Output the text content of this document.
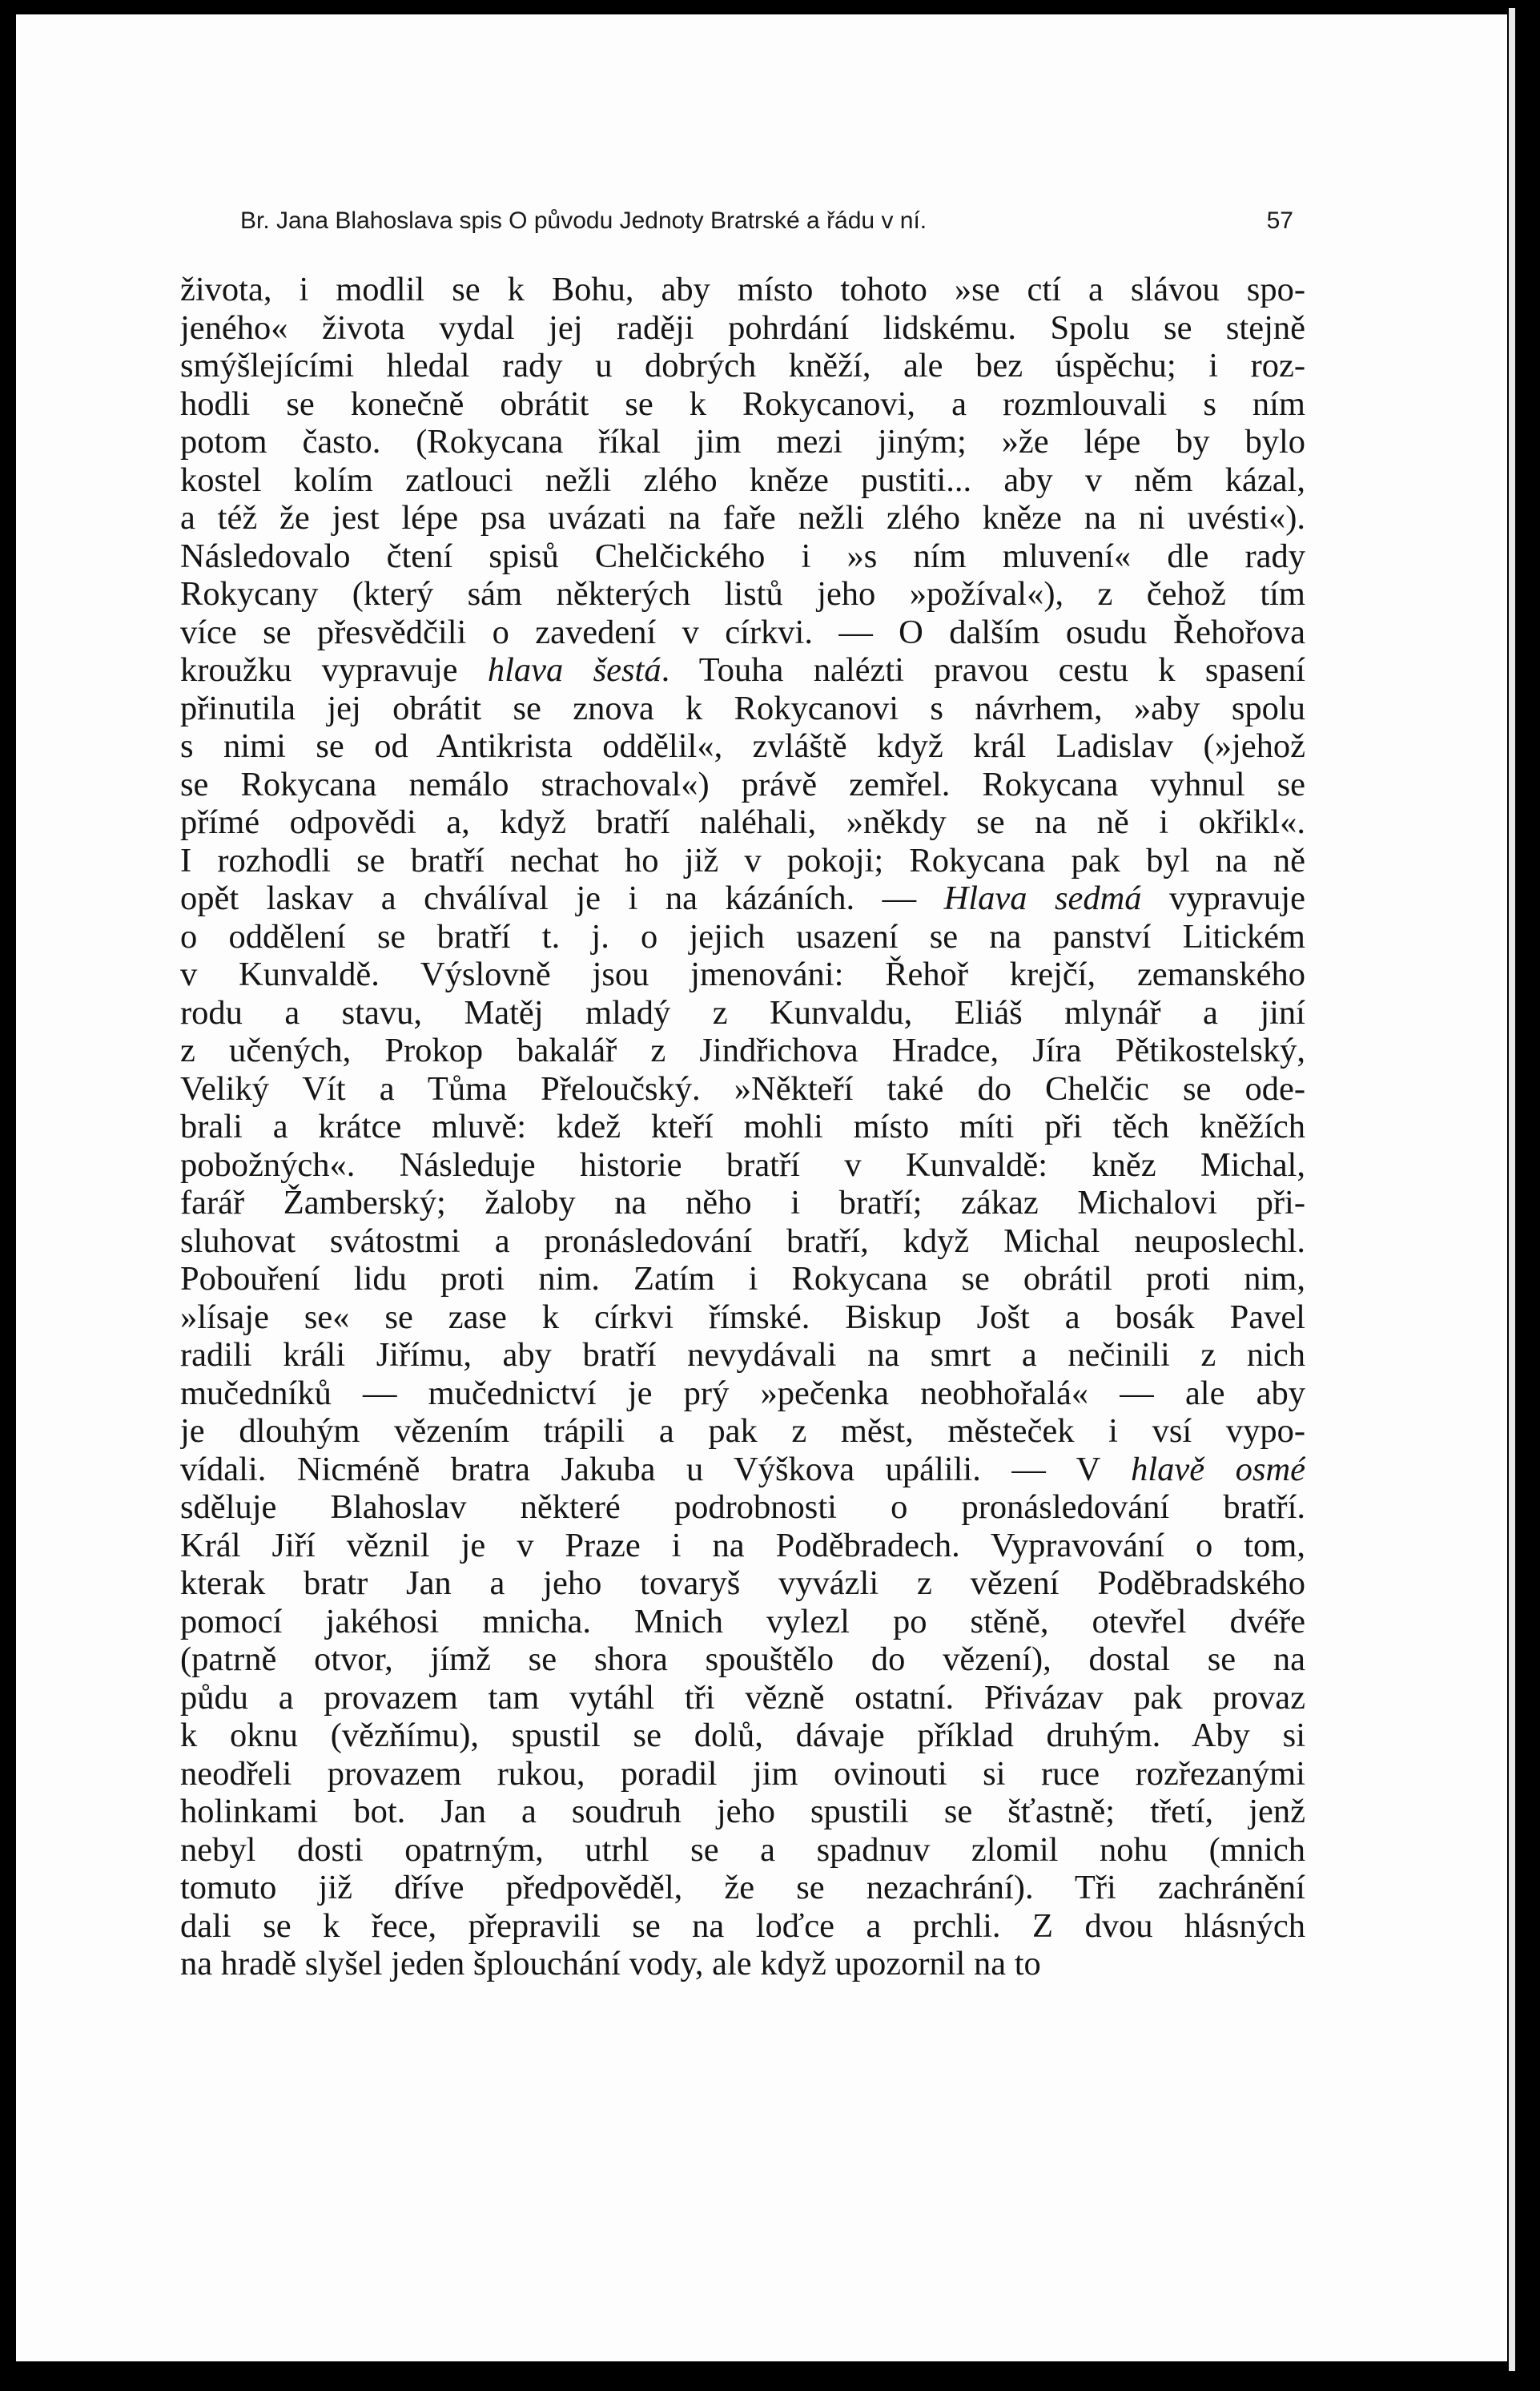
Br. Jana Blahoslava spis O původu Jednoty Bratrské a řádu v ní.	57
života, i modlil se k Bohu, aby místo tohoto »se ctí a slávou spo-
jeného« života vydal jej raději pohrdání lidskému. Spolu se stejně
smýšlejícími hledal rady u dobrých kněží, ale bez úspěchu; i roz-
hodli se konečně obrátit se k Rokycanovi, a rozmlouvali s ním
potom často. (Rokycana říkal jim mezi jiným; »že lépe by bylo
kostel kolím zatlouci nežli zlého kněze pustiti... aby v něm kázal,
a též že jest lépe psa uvázati na faře nežli zlého kněze na ni uvésti«).
Následovalo čtení spisů Chelčického i »s ním mluvení« dle rady
Rokycany (který sám některých listů jeho »požíval«), z čehož tím
více se přesvědčili o zavedení v církvi. — O dalším osudu Řehořova
kroužku vypravuje hlava šestá. Touha nalézti pravou cestu k spasení
přinutila jej obrátit se znova k Rokycanovi s návrhem, »aby spolu
s nimi se od Antikrista oddělil«, zvláště když král Ladislav (»jehož
se Rokycana nemálo strachoval«) právě zemřel. Rokycana vyhnul se
přímé odpovědi a, když bratří naléhali, »někdy se na ně i okřikl«.
I rozhodli se bratří nechat ho již v pokoji; Rokycana pak byl na ně
opět laskav a chválíval je i na kázáních. — Hlava sedmá vypravuje
o oddělení se bratří t. j. o jejich usazení se na panství Litickém
v Kunvaldě. Výslovně jsou jmenováni: Řehoř krejčí, zemanského
rodu a stavu, Matěj mladý z Kunvaldu, Eliáš mlynář a jiní
z učených, Prokop bakalář z Jindřichova Hradce, Jíra Pětikostelský,
Veliký Vít a Tůma Přeloučský. »Někteří také do Chelčic se ode-
brali a krátce mluvě: kdež kteří mohli místo míti při těch kněžích
pobožných«. Následuje historie bratří v Kunvaldě: kněz Michal,
farář Žamberský; žaloby na něho i bratří; zákaz Michalovi při-
sluhovat svátostmi a pronásledování bratří, když Michal neuposlechl.
Pobouření lidu proti nim. Zatím i Rokycana se obrátil proti nim,
»lísaje se« se zase k církvi římské. Biskup Jošt a bosák Pavel
radili králi Jiřímu, aby bratří nevydávali na smrt a nečinili z nich
mučedníků — mučednictví je prý »pečenka neobhořalá« — ale aby
je dlouhým vězením trápili a pak z měst, městeček i vsí vypo-
vídali. Nicméně bratra Jakuba u Výškova upálili. — V hlavě osmé
sděluje Blahoslav některé podrobnosti o pronásledování bratří.
Král Jiří věznil je v Praze i na Poděbradech. Vypravování o tom,
kterak bratr Jan a jeho tovaryš vyvázli z vězení Poděbradského
pomocí jakéhosi mnicha. Mnich vylezl po stěně, otevřel dvéře
(patrně otvor, jímž se shora spouštělo do vězení), dostal se na
půdu a provazem tam vytáhl tři vězně ostatní. Přivázav pak provaz
k oknu (vězňímu), spustil se dolů, dávaje příklad druhým. Aby si
neodřeli provazem rukou, poradil jim ovinouti si ruce rozřezanými
holinkami bot. Jan a soudruh jeho spustili se šťastně; třetí, jenž
nebyl dosti opatrným, utrhl se a spadnuv zlomil nohu (mnich
tomuto již dříve předpověděl, že se nezachrání). Tři zachránění
dali se k řece, přepravili se na loďce a prchli. Z dvou hlásných
na hradě slyšel jeden šplouchání vody, ale když upozornil na to
